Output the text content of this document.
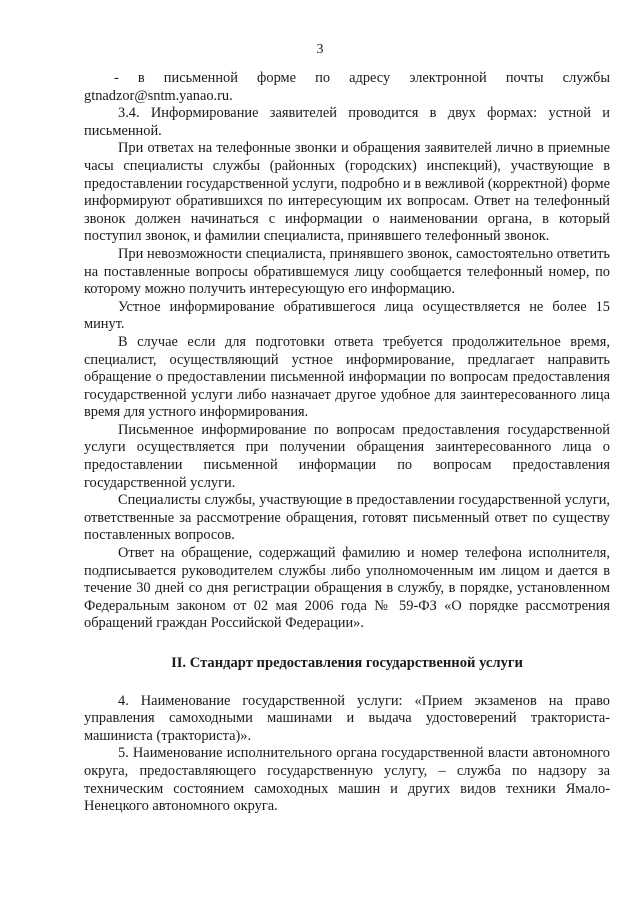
3

- в письменной форме по адресу электронной почты службы gtnadzor@sntm.yanao.ru.

3.4. Информирование заявителей проводится в двух формах: устной и письменной.

При ответах на телефонные звонки и обращения заявителей лично в приемные часы специалисты службы (районных (городских) инспекций), участвующие в предоставлении государственной услуги, подробно и в вежливой (корректной) форме информируют обратившихся по интересующим их вопросам. Ответ на телефонный звонок должен начинаться с информации о наименовании органа, в который поступил звонок, и фамилии специалиста, принявшего телефонный звонок.

При невозможности специалиста, принявшего звонок, самостоятельно ответить на поставленные вопросы обратившемуся лицу сообщается телефонный номер, по которому можно получить интересующую его информацию.

Устное информирование обратившегося лица осуществляется не более 15 минут.

В случае если для подготовки ответа требуется продолжительное время, специалист, осуществляющий устное информирование, предлагает направить обращение о предоставлении письменной информации по вопросам предоставления государственной услуги либо назначает другое удобное для заинтересованного лица время для устного информирования.

Письменное информирование по вопросам предоставления государственной услуги осуществляется при получении обращения заинтересованного лица о предоставлении письменной информации по вопросам предоставления государственной услуги.

Специалисты службы, участвующие в предоставлении государственной услуги, ответственные за рассмотрение обращения, готовят письменный ответ по существу поставленных вопросов.

Ответ на обращение, содержащий фамилию и номер телефона исполнителя, подписывается руководителем службы либо уполномоченным им лицом и дается в течение 30 дней со дня регистрации обращения в службу, в порядке, установленном Федеральным законом от 02 мая 2006 года № 59-ФЗ «О порядке рассмотрения обращений граждан Российской Федерации».

II. Стандарт предоставления государственной услуги

4. Наименование государственной услуги: «Прием экзаменов на право управления самоходными машинами и выдача удостоверений тракториста-машиниста (тракториста)».

5. Наименование исполнительного органа государственной власти автономного округа, предоставляющего государственную услугу, – служба по надзору за техническим состоянием самоходных машин и других видов техники Ямало-Ненецкого автономного округа.
